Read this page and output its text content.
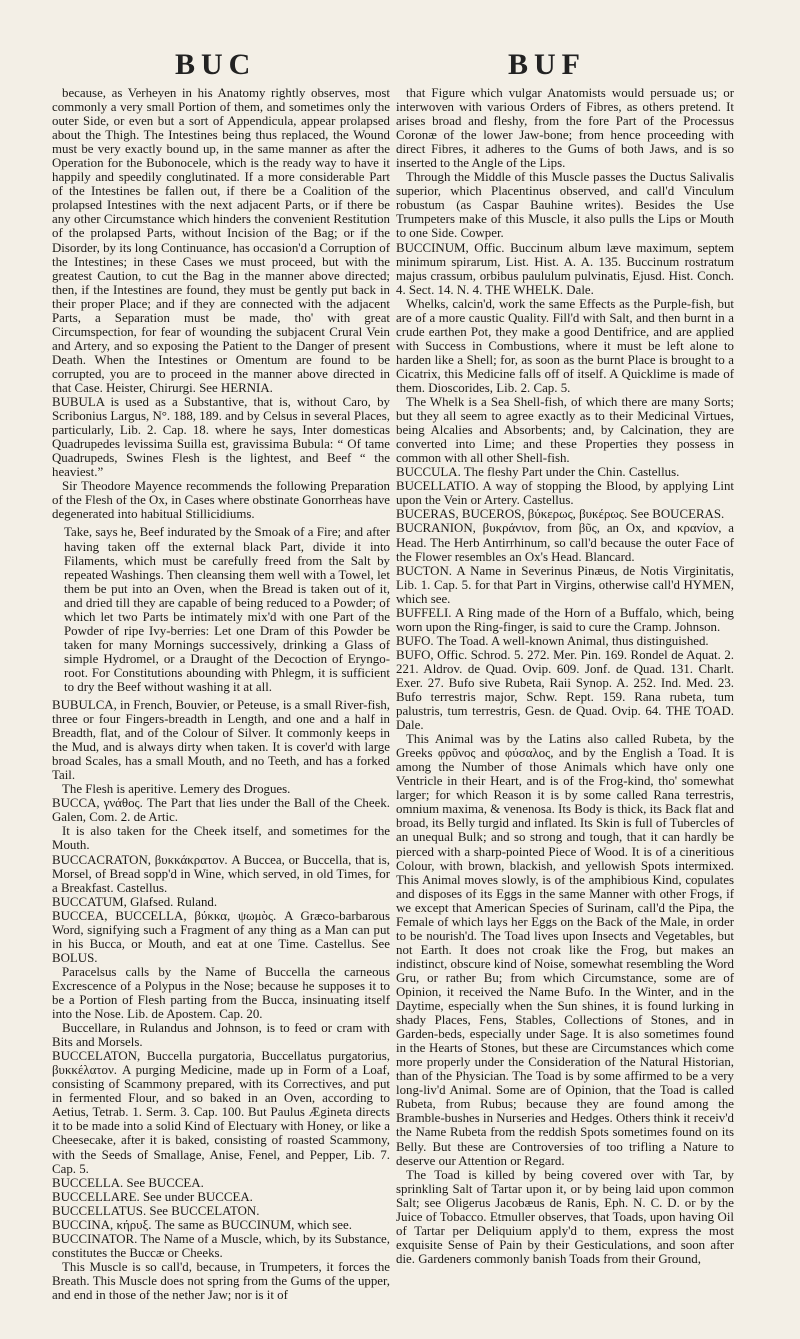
BUC	BUF

because, as Verheyen in his Anatomy rightly observes, most commonly a very small Portion of them, and sometimes only the outer Side, or even but a sort of Appendicula, appear prolapsed about the Thigh. The Intestines being thus replaced, the Wound must be very exactly bound up, in the same manner as after the Operation for the Bubonocele, which is the ready way to have it happily and speedily conglutinated. If a more considerable Part of the Intestines be fallen out, if there be a Coalition of the prolapsed Intestines with the next adjacent Parts, or if there be any other Circumstance which hinders the convenient Restitution of the prolapsed Parts, without Incision of the Bag; or if the Disorder, by its long Continuance, has occasion'd a Corruption of the Intestines; in these Cases we must proceed, but with the greatest Caution, to cut the Bag in the manner above directed; then, if the Intestines are found, they must be gently put back in their proper Place; and if they are connected with the adjacent Parts, a Separation must be made, tho' with great Circumspection, for fear of wounding the subjacent Crural Vein and Artery, and so exposing the Patient to the Danger of present Death. When the Intestines or Omentum are found to be corrupted, you are to proceed in the manner above directed in that Case. Heister, Chirurgi. See HERNIA.

BUBULA is used as a Substantive, that is, without Caro, by Scribonius Largus, N°. 188, 189. and by Celsus in several Places, particularly, Lib. 2. Cap. 18. where he says, Inter domesticas Quadrupedes levissima Suilla est, gravissima Bubula: “ Of tame Quadrupeds, Swines Flesh is the lightest, and Beef “ the heaviest.”

Sir Theodore Mayence recommends the following Preparation of the Flesh of the Ox, in Cases where obstinate Gonorrheas have degenerated into habitual Stillicidiums.

Take, says he, Beef indurated by the Smoak of a Fire; and after having taken off the external black Part, divide it into Filaments, which must be carefully freed from the Salt by repeated Washings. Then cleansing them well with a Towel, let them be put into an Oven, when the Bread is taken out of it, and dried till they are capable of being reduced to a Powder; of which let two Parts be intimately mix'd with one Part of the Powder of ripe Ivy-berries: Let one Dram of this Powder be taken for many Mornings successively, drinking a Glass of simple Hydromel, or a Draught of the Decoction of Eryngo-root. For Constitutions abounding with Phlegm, it is sufficient to dry the Beef without washing it at all.

BUBULCA, in French, Bouvier, or Peteuse, is a small River-fish, three or four Fingers-breadth in Length, and one and a half in Breadth, flat, and of the Colour of Silver. It commonly keeps in the Mud, and is always dirty when taken. It is cover'd with large broad Scales, has a small Mouth, and no Teeth, and has a forked Tail.

The Flesh is aperitive. Lemery des Drogues.

BUCCA, γνάθος. The Part that lies under the Ball of the Cheek. Galen, Com. 2. de Artic.

It is also taken for the Cheek itself, and sometimes for the Mouth.

BUCCACRATON, βυκκάκρατον. A Buccea, or Buccella, that is, Morsel, of Bread sopp'd in Wine, which served, in old Times, for a Breakfast. Castellus.

BUCCATUM, Glafsed. Ruland.

BUCCEA, BUCCELLA, βύκκα, ψωμὸς. A Græco-barbarous Word, signifying such a Fragment of any thing as a Man can put in his Bucca, or Mouth, and eat at one Time. Castellus. See BOLUS.

Paracelsus calls by the Name of Buccella the carneous Excrescence of a Polypus in the Nose; because he supposes it to be a Portion of Flesh parting from the Bucca, insinuating itself into the Nose. Lib. de Apostem. Cap. 20.

Buccellare, in Rulandus and Johnson, is to feed or cram with Bits and Morsels.

BUCCELATON, Buccella purgatoria, Buccellatus purgatorius, βυκκέλατον. A purging Medicine, made up in Form of a Loaf, consisting of Scammony prepared, with its Correctives, and put in fermented Flour, and so baked in an Oven, according to Aetius, Tetrab. 1. Serm. 3. Cap. 100. But Paulus Ægineta directs it to be made into a solid Kind of Electuary with Honey, or like a Cheesecake, after it is baked, consisting of roasted Scammony, with the Seeds of Smallage, Anise, Fenel, and Pepper, Lib. 7. Cap. 5.

BUCCELLA. See BUCCEA.

BUCCELLARE. See under BUCCEA.

BUCCELLATUS. See BUCCELATON.

BUCCINA, κήρυξ. The same as BUCCINUM, which see.

BUCCINATOR. The Name of a Muscle, which, by its Substance, constitutes the Buccæ or Cheeks.

This Muscle is so call'd, because, in Trumpeters, it forces the Breath. This Muscle does not spring from the Gums of the upper, and end in those of the nether Jaw; nor is it of

that Figure which vulgar Anatomists would persuade us; or interwoven with various Orders of Fibres, as others pretend. It arises broad and fleshy, from the fore Part of the Processus Coronæ of the lower Jaw-bone; from hence proceeding with direct Fibres, it adheres to the Gums of both Jaws, and is so inserted to the Angle of the Lips.

Through the Middle of this Muscle passes the Ductus Salivalis superior, which Placentinus observed, and call'd Vinculum robustum (as Caspar Bauhine writes). Besides the Use Trumpeters make of this Muscle, it also pulls the Lips or Mouth to one Side. Cowper.

BUCCINUM, Offic. Buccinum album læve maximum, septem minimum spirarum, List. Hist. A. A. 135. Buccinum rostratum majus crassum, orbibus paululum pulvinatis, Ejusd. Hist. Conch. 4. Sect. 14. N. 4. THE WHELK. Dale.

Whelks, calcin'd, work the same Effects as the Purple-fish, but are of a more caustic Quality. Fill'd with Salt, and then burnt in a crude earthen Pot, they make a good Dentifrice, and are applied with Success in Combustions, where it must be left alone to harden like a Shell; for, as soon as the burnt Place is brought to a Cicatrix, this Medicine falls off of itself. A Quicklime is made of them. Dioscorides, Lib. 2. Cap. 5.

The Whelk is a Sea Shell-fish, of which there are many Sorts; but they all seem to agree exactly as to their Medicinal Virtues, being Alcalies and Absorbents; and, by Calcination, they are converted into Lime; and these Properties they possess in common with all other Shell-fish.

BUCCULA. The fleshy Part under the Chin. Castellus.

BUCELLATIO. A way of stopping the Blood, by applying Lint upon the Vein or Artery. Castellus.

BUCERAS, BUCEROS, βύκερως, βυκέρως. See BOUCERAS.

BUCRANION, βυκράνιον, from βῦς, an Ox, and κρανίον, a Head. The Herb Antirrhinum, so call'd because the outer Face of the Flower resembles an Ox's Head. Blancard.

BUCTON. A Name in Severinus Pinæus, de Notis Virginitatis, Lib. 1. Cap. 5. for that Part in Virgins, otherwise call'd HYMEN, which see.

BUFFELI. A Ring made of the Horn of a Buffalo, which, being worn upon the Ring-finger, is said to cure the Cramp. Johnson.

BUFO. The Toad. A well-known Animal, thus distinguished.

BUFO, Offic. Schrod. 5. 272. Mer. Pin. 169. Rondel de Aquat. 2. 221. Aldrov. de Quad. Ovip. 609. Jonf. de Quad. 131. Charlt. Exer. 27. Bufo sive Rubeta, Raii Synop. A. 252. Ind. Med. 23. Bufo terrestris major, Schw. Rept. 159. Rana rubeta, tum palustris, tum terrestris, Gesn. de Quad. Ovip. 64. THE TOAD. Dale.

This Animal was by the Latins also called Rubeta, by the Greeks φρῦνος and φύσαλος, and by the English a Toad. It is among the Number of those Animals which have only one Ventricle in their Heart, and is of the Frog-kind, tho' somewhat larger; for which Reason it is by some called Rana terrestris, omnium maxima, & venenosa. Its Body is thick, its Back flat and broad, its Belly turgid and inflated. Its Skin is full of Tubercles of an unequal Bulk; and so strong and tough, that it can hardly be pierced with a sharp-pointed Piece of Wood. It is of a cineritious Colour, with brown, blackish, and yellowish Spots intermixed. This Animal moves slowly, is of the amphibious Kind, copulates and disposes of its Eggs in the same Manner with other Frogs, if we except that American Species of Surinam, call'd the Pipa, the Female of which lays her Eggs on the Back of the Male, in order to be nourish'd. The Toad lives upon Insects and Vegetables, but not Earth. It does not croak like the Frog, but makes an indistinct, obscure kind of Noise, somewhat resembling the Word Gru, or rather Bu; from which Circumstance, some are of Opinion, it received the Name Bufo. In the Winter, and in the Daytime, especially when the Sun shines, it is found lurking in shady Places, Fens, Stables, Collections of Stones, and in Garden-beds, especially under Sage. It is also sometimes found in the Hearts of Stones, but these are Circumstances which come more properly under the Consideration of the Natural Historian, than of the Physician. The Toad is by some affirmed to be a very long-liv'd Animal. Some are of Opinion, that the Toad is called Rubeta, from Rubus; because they are found among the Bramble-bushes in Nurseries and Hedges. Others think it receiv'd the Name Rubeta from the reddish Spots sometimes found on its Belly. But these are Controversies of too trifling a Nature to deserve our Attention or Regard.

The Toad is killed by being covered over with Tar, by sprinkling Salt of Tartar upon it, or by being laid upon common Salt; see Oligerus Jacobæus de Ranis, Eph. N. C. D. or by the Juice of Tobacco. Etmuller observes, that Toads, upon having Oil of Tartar per Deliquium apply'd to them, express the most exquisite Sense of Pain by their Gesticulations, and soon after die. Gardeners commonly banish Toads from their Ground,
